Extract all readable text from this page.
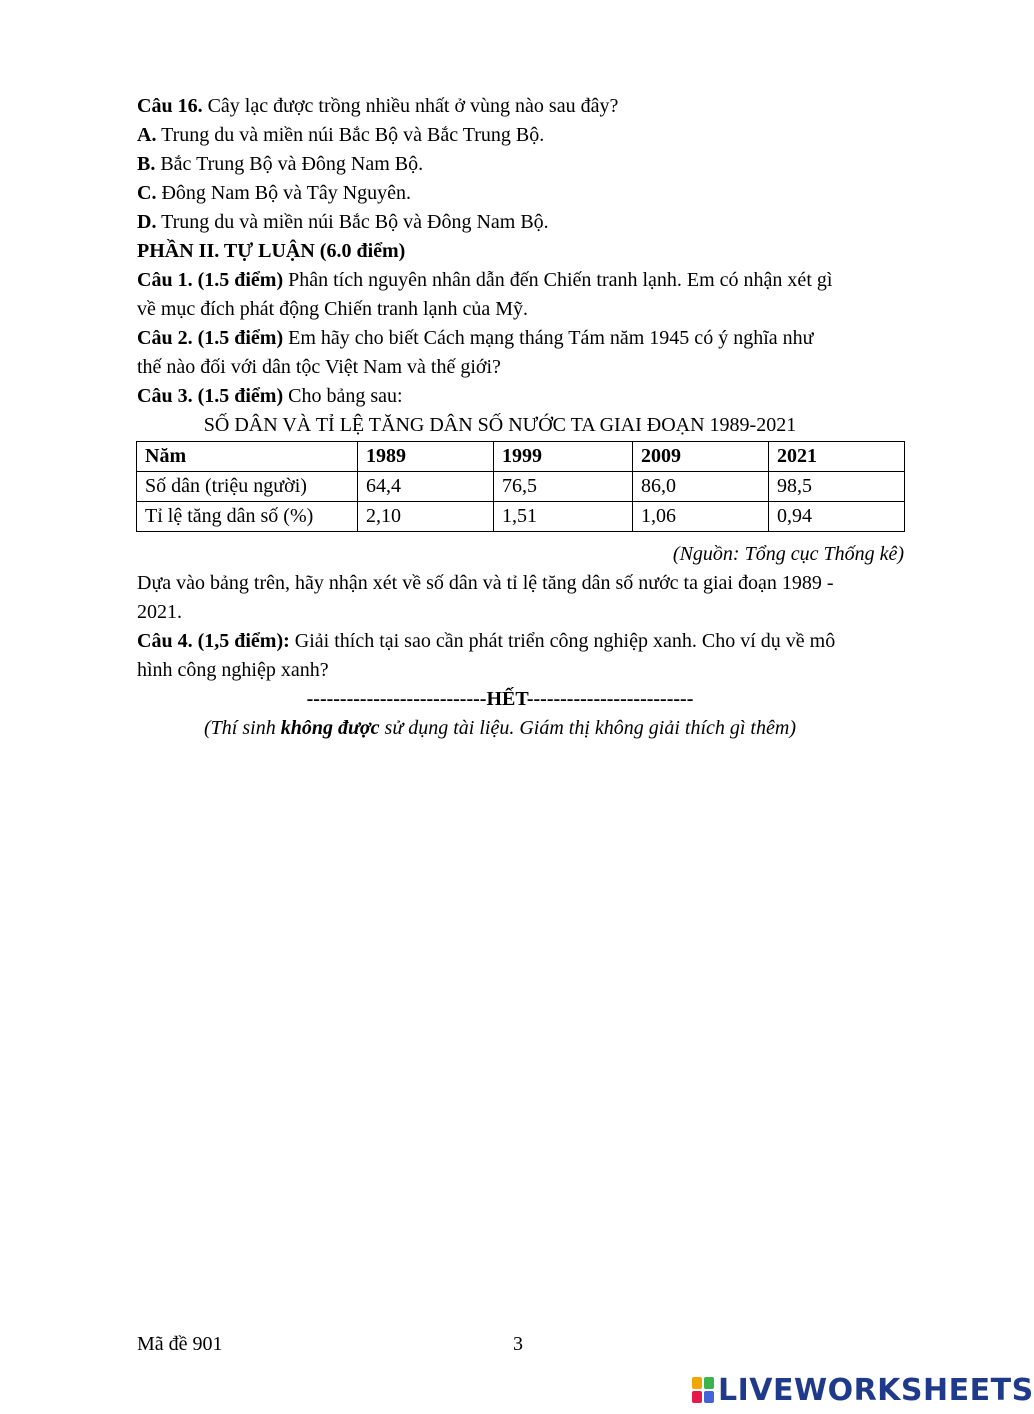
Câu 16. Cây lạc được trồng nhiều nhất ở vùng nào sau đây?
A. Trung du và miền núi Bắc Bộ và Bắc Trung Bộ.
B. Bắc Trung Bộ và Đông Nam Bộ.
C. Đông Nam Bộ và Tây Nguyên.
D. Trung du và miền núi Bắc Bộ và Đông Nam Bộ.
PHẦN II. TỰ LUẬN (6.0 điểm)
Câu 1. (1.5 điểm) Phân tích nguyên nhân dẫn đến Chiến tranh lạnh. Em có nhận xét gì
về mục đích phát động Chiến tranh lạnh của Mỹ.
Câu 2. (1.5 điểm) Em hãy cho biết Cách mạng tháng Tám năm 1945 có ý nghĩa như
thế nào đối với dân tộc Việt Nam và thế giới?
Câu 3. (1.5 điểm) Cho bảng sau:
SỐ DÂN VÀ TỈ LỆ TĂNG DÂN SỐ NƯỚC TA GIAI ĐOẠN 1989-2021
Năm	1989	1999	2009	2021
Số dân (triệu người)	64,4	76,5	86,0	98,5
Tỉ lệ tăng dân số (%)	2,10	1,51	1,06	0,94
(Nguồn: Tổng cục Thống kê)
Dựa vào bảng trên, hãy nhận xét về số dân và tỉ lệ tăng dân số nước ta giai đoạn 1989 -
2021.
Câu 4. (1,5 điểm): Giải thích tại sao cần phát triển công nghiệp xanh. Cho ví dụ về mô
hình công nghiệp xanh?
---------------------------HẾT-------------------------
(Thí sinh không được sử dụng tài liệu. Giám thị không giải thích gì thêm)
Mã đề 901	3
LIVEWORKSHEETS
